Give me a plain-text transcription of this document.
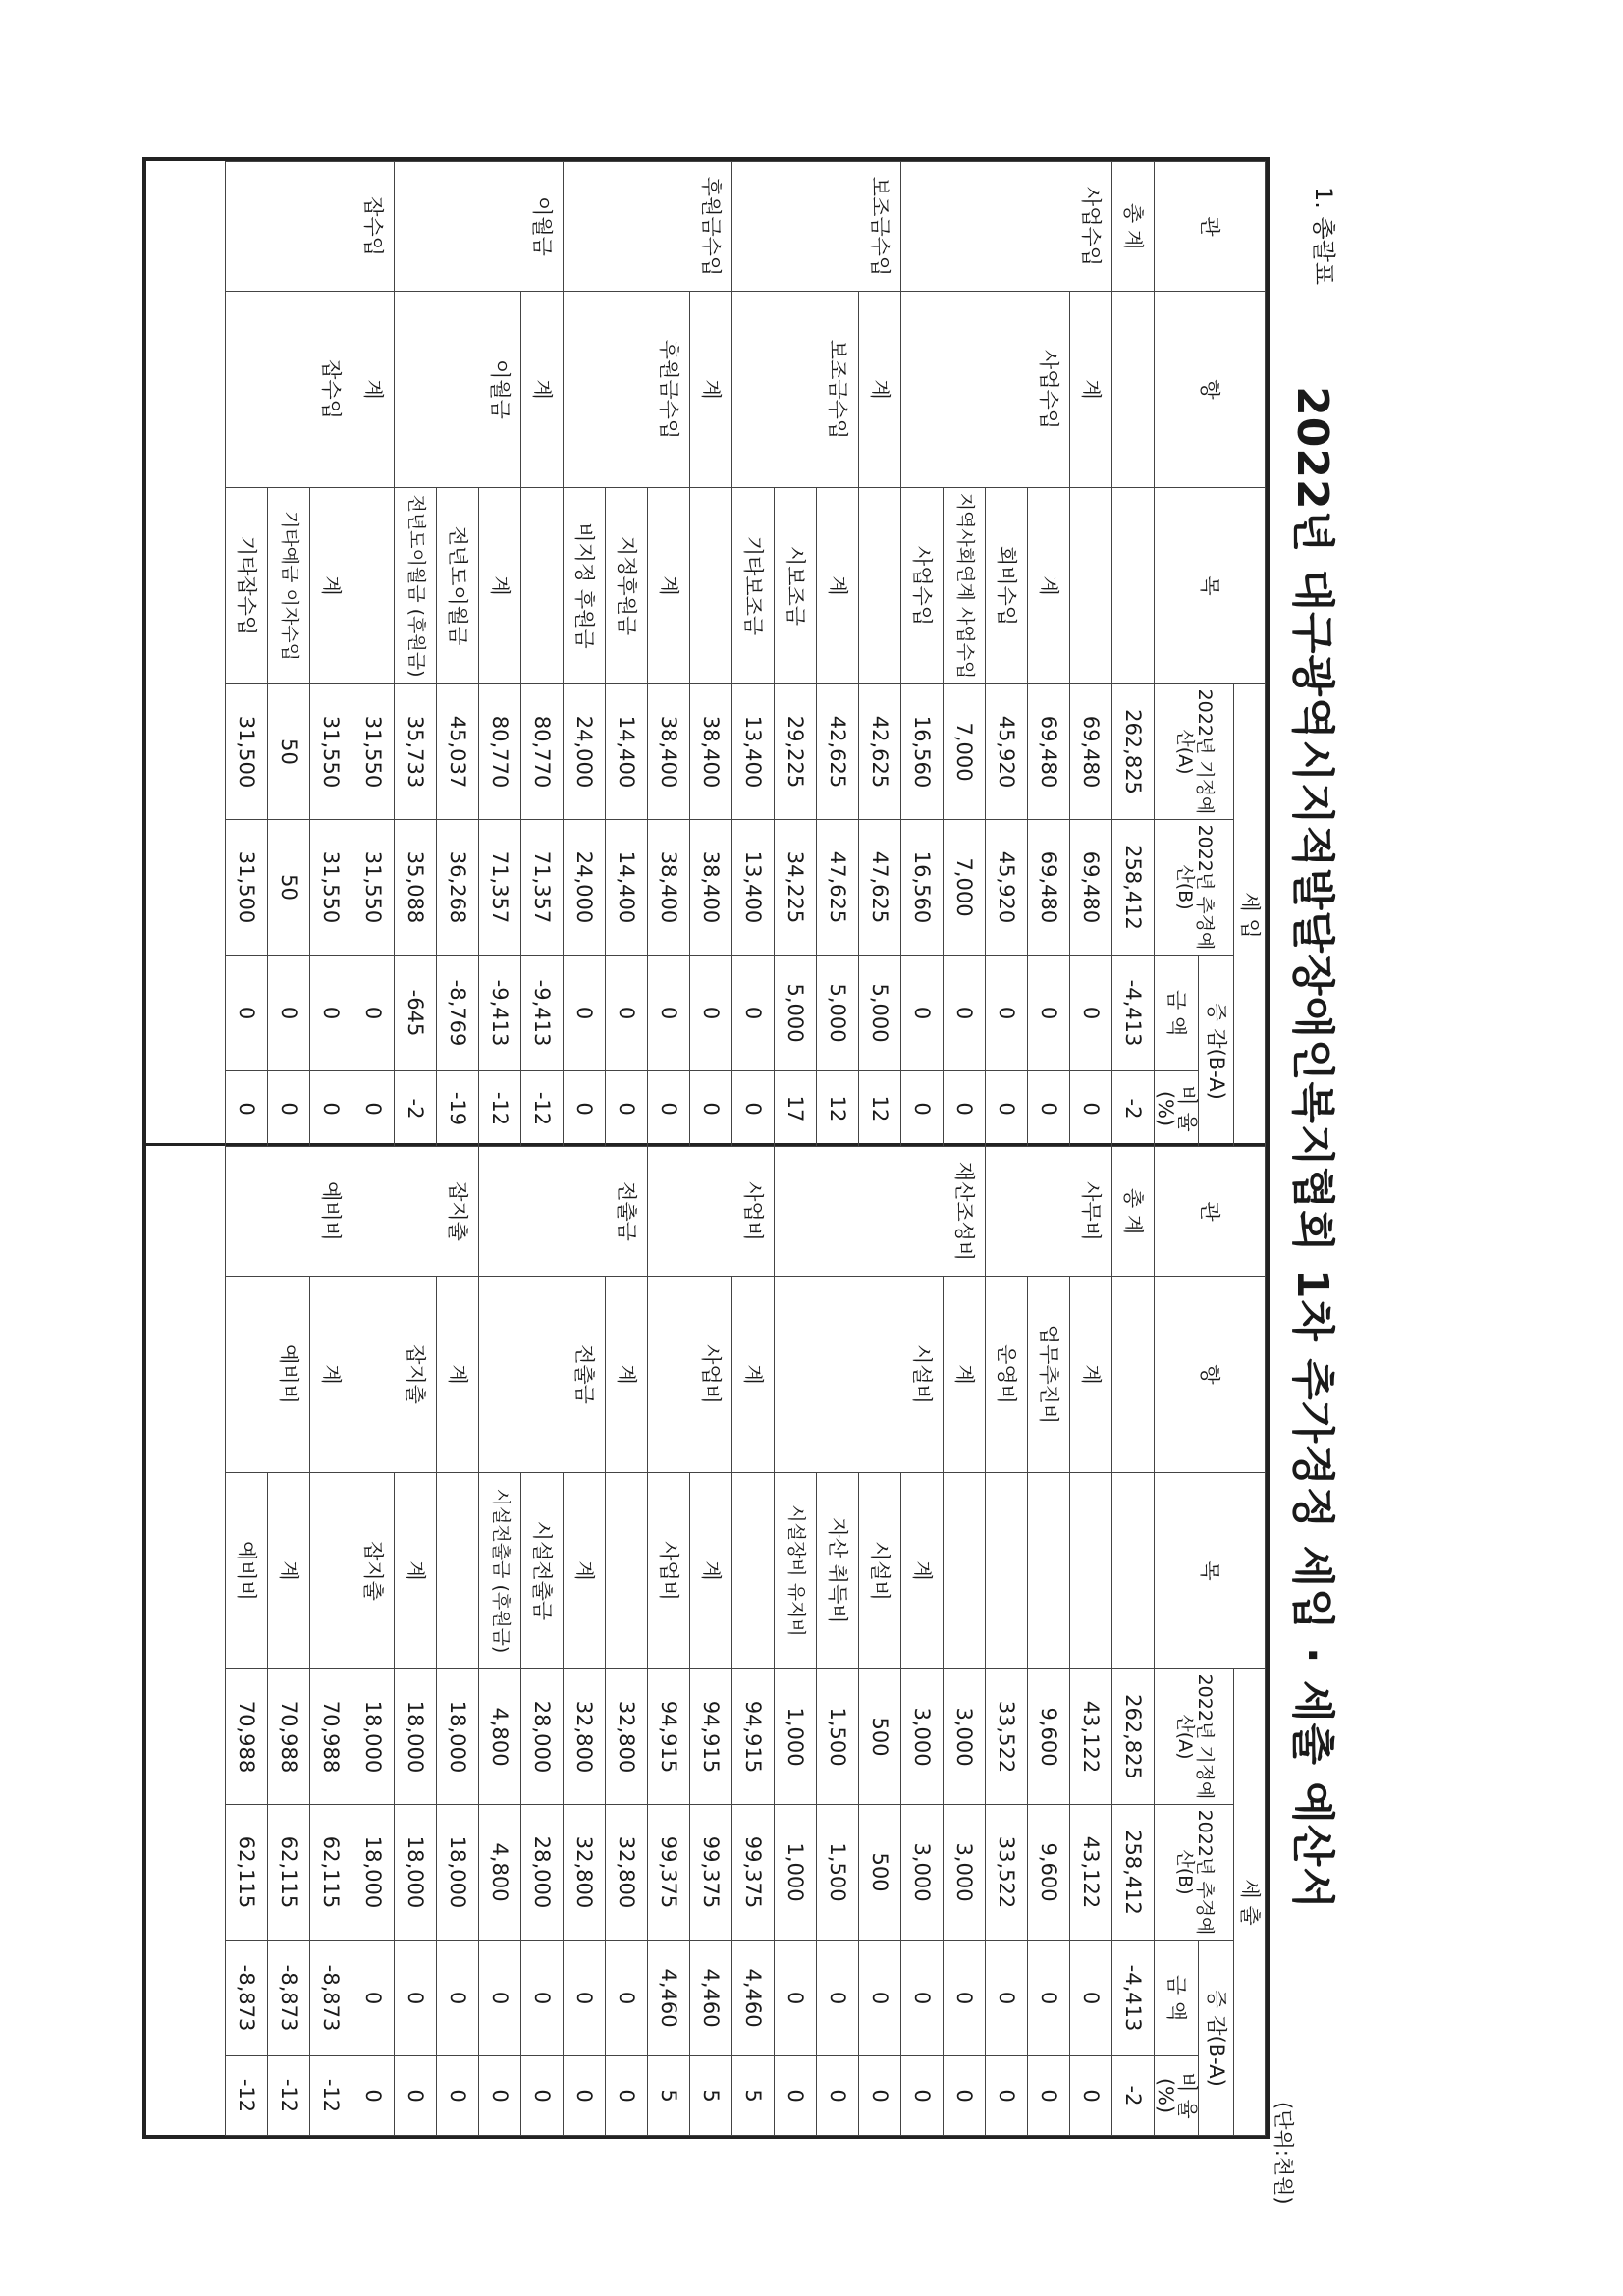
1. 총괄표
2022년 대구광역시지적발달장애인복지협회 1차 추가경정 세입 · 세출 예산서
(단위:천원)
관	항	목	세 입			
			2022년 기정예산(A)	2022년 추경예산(B)	증 감(B-A)	
					금 액	비 율(%)
총 계			262,825	258,412	-4,413	-2
사업수입	계		69,480	69,480	0	0
	사업수입	계	69,480	69,480	0	0
		회비수입	45,920	45,920	0	0
		지역사회연계 사업수입	7,000	7,000	0	0
		사업수입	16,560	16,560	0	0
보조금수입	계		42,625	47,625	5,000	12
	보조금수입	계	42,625	47,625	5,000	12
		시보조금	29,225	34,225	5,000	17
		기타보조금	13,400	13,400	0	0
후원금수입	계		38,400	38,400	0	0
	후원금수입	계	38,400	38,400	0	0
		지정후원금	14,400	14,400	0	0
		비지정 후원금	24,000	24,000	0	0
이월금	계		80,770	71,357	-9,413	-12
	이월금	계	80,770	71,357	-9,413	-12
		전년도이월금	45,037	36,268	-8,769	-19
		전년도이월금 (후원금)	35,733	35,088	-645	-2
잡수입	계		31,550	31,550	0	0
	잡수입	계	31,550	31,550	0	0
		기타예금 이자수입	50	50	0	0
		기타잡수입	31,500	31,500	0	0
관	항	목	세 출			
			2022년 기정예산(A)	2022년 추경예산(B)	증 감(B-A)	
					금 액	비 율(%)
총 계			262,825	258,412	-4,413	-2
사무비	계		43,122	43,122	0	0
	업무추진비		9,600	9,600	0	0
	운영비		33,522	33,522	0	0
재산조성비	계		3,000	3,000	0	0
	시설비	계	3,000	3,000	0	0
		시설비	500	500	0	0
		자산 취득비	1,500	1,500	0	0
		시설장비 유지비	1,000	1,000	0	0
사업비	계		94,915	99,375	4,460	5
	사업비	계	94,915	99,375	4,460	5
		사업비	94,915	99,375	4,460	5
전출금	계		32,800	32,800	0	0
	전출금	계	32,800	32,800	0	0
		시설전출금	28,000	28,000	0	0
		시설전출금 (후원금)	4,800	4,800	0	0
잡지출	계		18,000	18,000	0	0
	잡지출	계	18,000	18,000	0	0
		잡지출	18,000	18,000	0	0
예비비	계		70,988	62,115	-8,873	-12
	예비비	계	70,988	62,115	-8,873	-12
		예비비	70,988	62,115	-8,873	-12
